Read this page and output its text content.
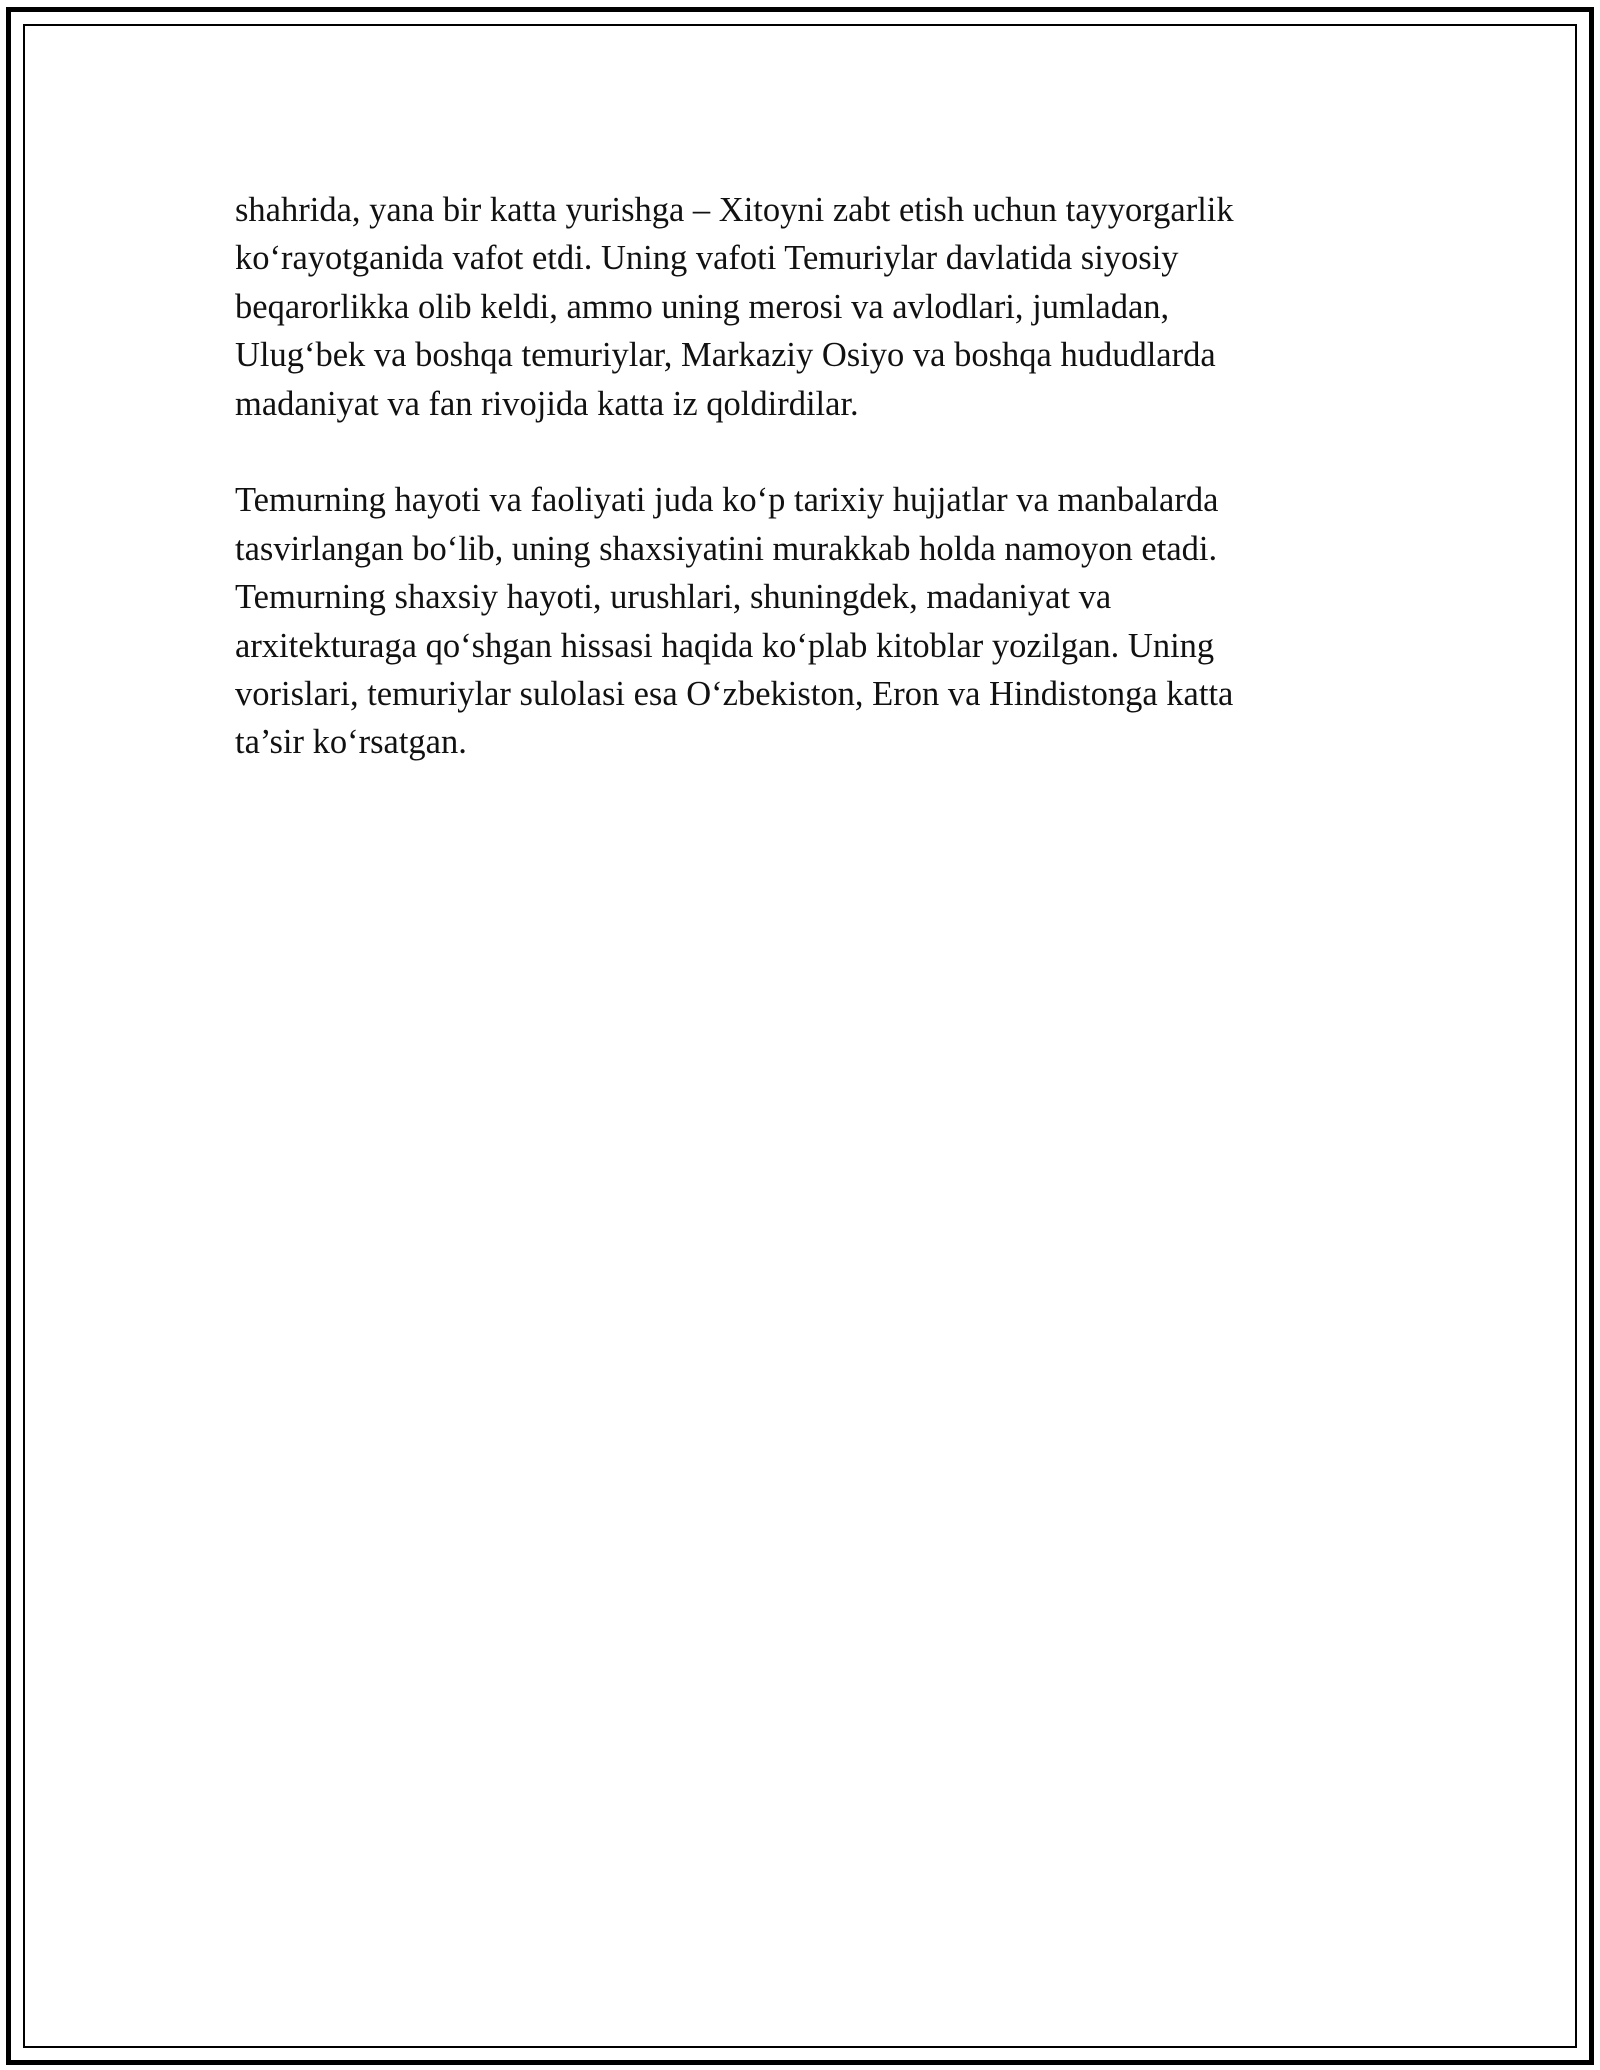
shahrida, yana bir katta yurishga – Xitoyni zabt etish uchun tayyorgarlik
ko‘rayotganida vafot etdi. Uning vafoti Temuriylar davlatida siyosiy
beqarorlikka olib keldi, ammo uning merosi va avlodlari, jumladan,
Ulug‘bek va boshqa temuriylar, Markaziy Osiyo va boshqa hududlarda
madaniyat va fan rivojida katta iz qoldirdilar.

Temurning hayoti va faoliyati juda ko‘p tarixiy hujjatlar va manbalarda
tasvirlangan bo‘lib, uning shaxsiyatini murakkab holda namoyon etadi.
Temurning shaxsiy hayoti, urushlari, shuningdek, madaniyat va
arxitekturaga qo‘shgan hissasi haqida ko‘plab kitoblar yozilgan. Uning
vorislari, temuriylar sulolasi esa O‘zbekiston, Eron va Hindistonga katta
ta’sir ko‘rsatgan.
